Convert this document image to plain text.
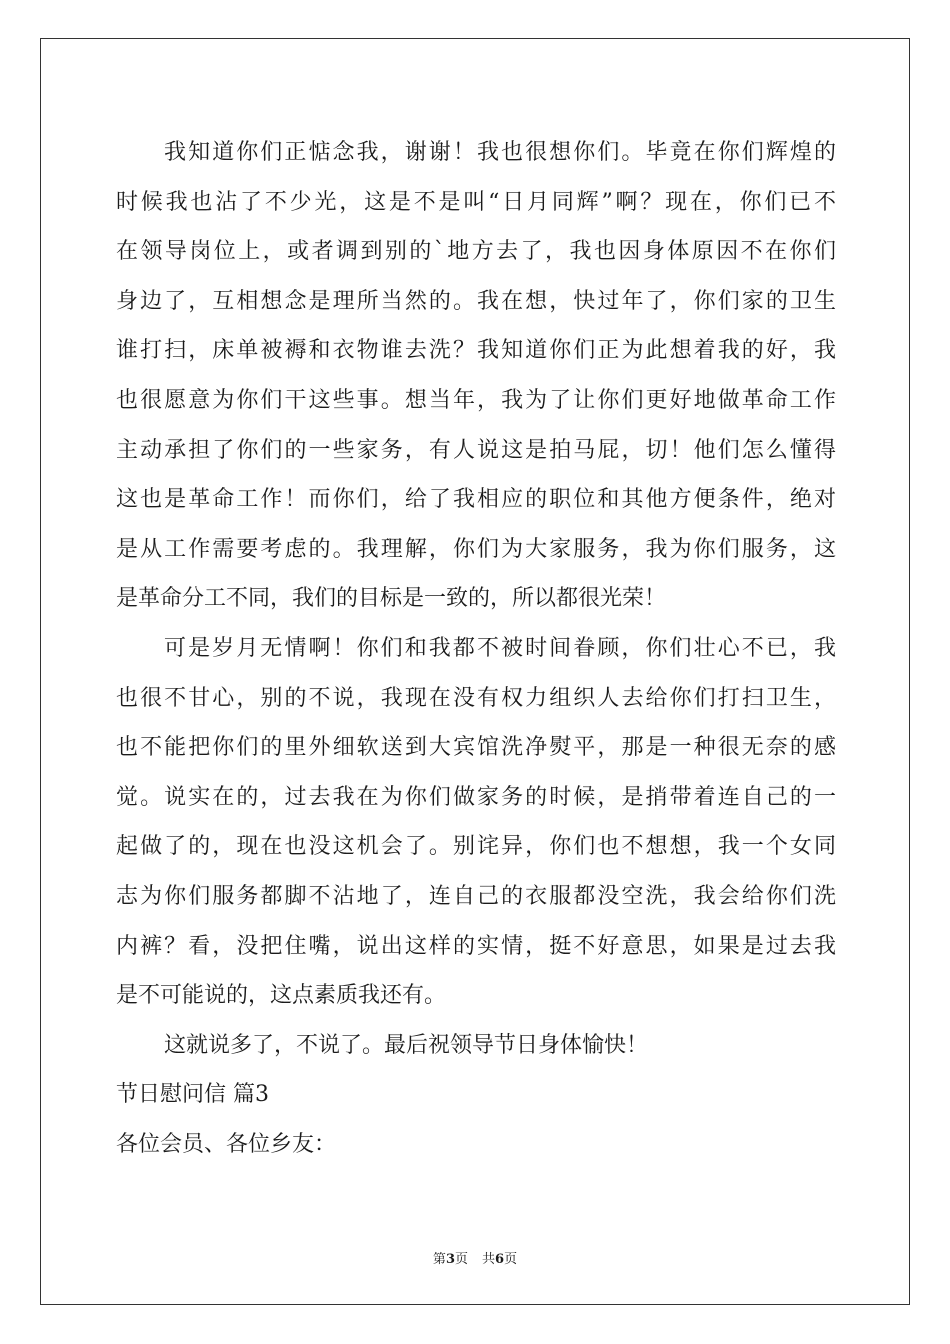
我知道你们正惦念我，谢谢！我也很想你们。毕竟在你们辉煌的
时候我也沾了不少光，这是不是叫“日月同辉”啊？现在，你们已不
在领导岗位上，或者调到别的`地方去了，我也因身体原因不在你们
身边了，互相想念是理所当然的。我在想，快过年了，你们家的卫生
谁打扫，床单被褥和衣物谁去洗？我知道你们正为此想着我的好，我
也很愿意为你们干这些事。想当年，我为了让你们更好地做革命工作
主动承担了你们的一些家务，有人说这是拍马屁，切！他们怎么懂得
这也是革命工作！而你们，给了我相应的职位和其他方便条件，绝对
是从工作需要考虑的。我理解，你们为大家服务，我为你们服务，这
是革命分工不同，我们的目标是一致的，所以都很光荣！
可是岁月无情啊！你们和我都不被时间眷顾，你们壮心不已，我
也很不甘心，别的不说，我现在没有权力组织人去给你们打扫卫生，
也不能把你们的里外细软送到大宾馆洗净熨平，那是一种很无奈的感
觉。说实在的，过去我在为你们做家务的时候，是捎带着连自己的一
起做了的，现在也没这机会了。别诧异，你们也不想想，我一个女同
志为你们服务都脚不沾地了，连自己的衣服都没空洗，我会给你们洗
内裤？看，没把住嘴，说出这样的实情，挺不好意思，如果是过去我
是不可能说的，这点素质我还有。
这就说多了，不说了。最后祝领导节日身体愉快！
节日慰问信 篇3
各位会员、各位乡友：
第3页 共6页
